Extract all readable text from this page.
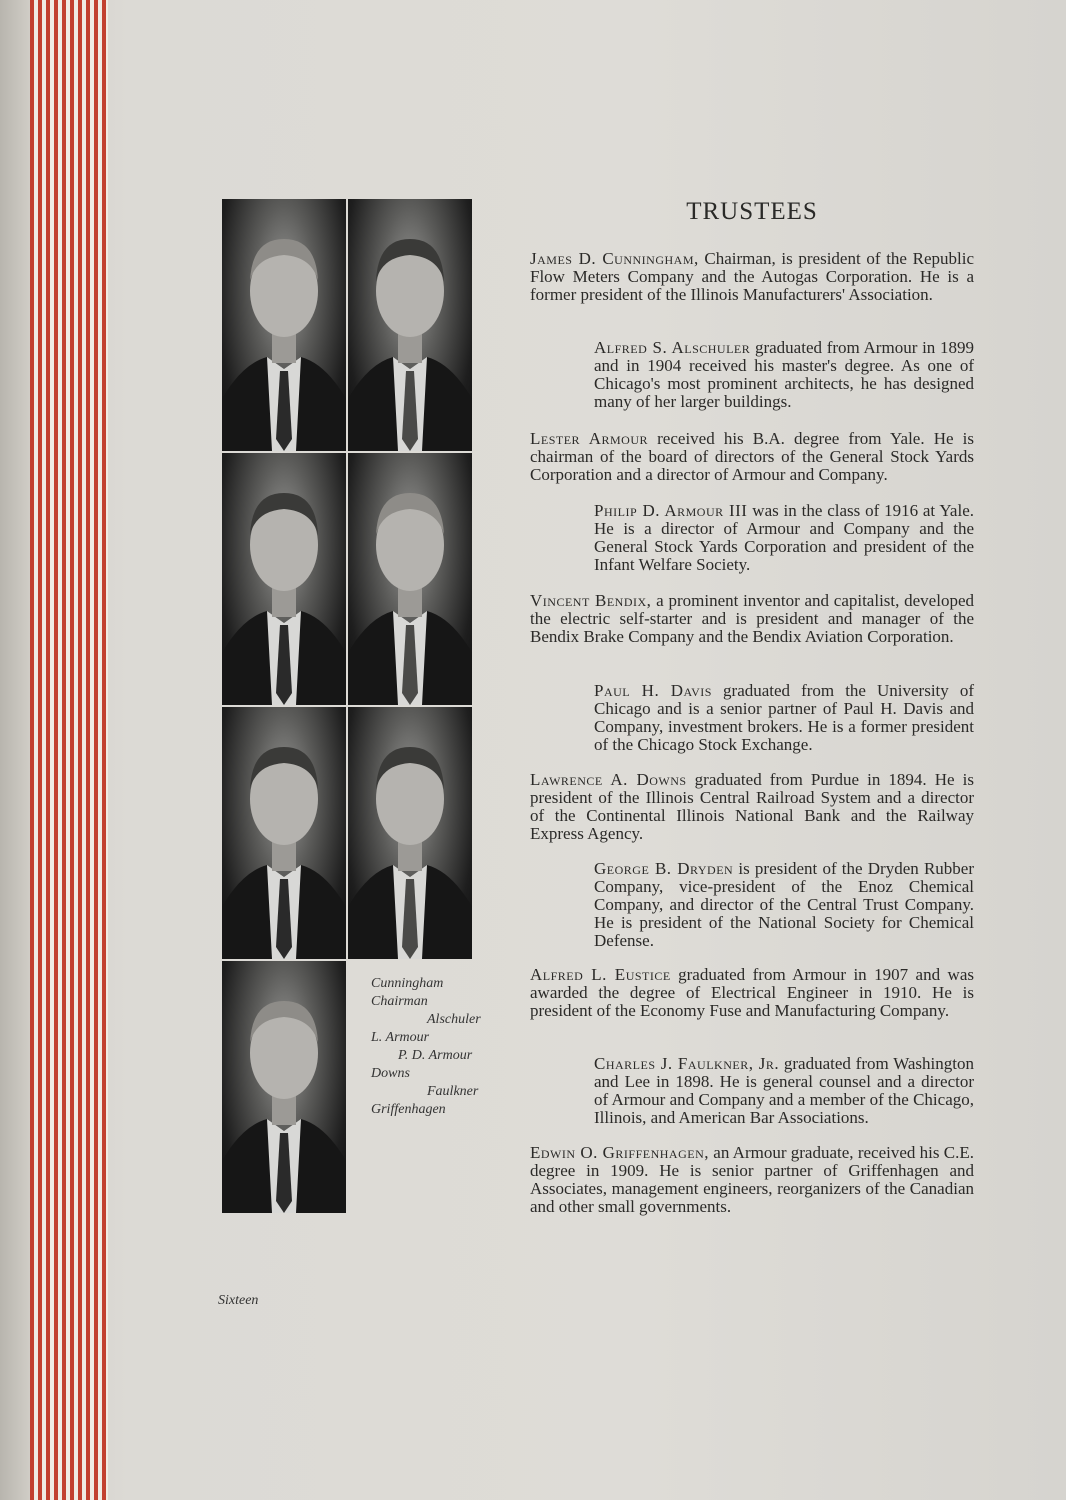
Cunningham
Chairman
Alschuler
L. Armour
P. D. Armour
Downs
Faulkner
Griffenhagen
TRUSTEES
James D. Cunningham, Chairman, is president of the Republic Flow Meters Company and the Autogas Corporation. He is a former president of the Illinois Manufacturers' Association.
Alfred S. Alschuler graduated from Armour in 1899 and in 1904 received his master's degree. As one of Chicago's most prominent architects, he has designed many of her larger buildings.
Lester Armour received his B.A. degree from Yale. He is chairman of the board of directors of the General Stock Yards Corporation and a director of Armour and Company.
Philip D. Armour III was in the class of 1916 at Yale. He is a director of Armour and Company and the General Stock Yards Corporation and president of the Infant Welfare Society.
Vincent Bendix, a prominent inventor and capitalist, developed the electric self-starter and is president and manager of the Bendix Brake Company and the Bendix Aviation Corporation.
Paul H. Davis graduated from the University of Chicago and is a senior partner of Paul H. Davis and Company, investment brokers. He is a former president of the Chicago Stock Exchange.
Lawrence A. Downs graduated from Purdue in 1894. He is president of the Illinois Central Railroad System and a director of the Continental Illinois National Bank and the Railway Express Agency.
George B. Dryden is president of the Dryden Rubber Company, vice-president of the Enoz Chemical Company, and director of the Central Trust Company. He is president of the National Society for Chemical Defense.
Alfred L. Eustice graduated from Armour in 1907 and was awarded the degree of Electrical Engineer in 1910. He is president of the Economy Fuse and Manufacturing Company.
Charles J. Faulkner, Jr. graduated from Washington and Lee in 1898. He is general counsel and a director of Armour and Company and a member of the Chicago, Illinois, and American Bar Associations.
Edwin O. Griffenhagen, an Armour graduate, received his C.E. degree in 1909. He is senior partner of Griffenhagen and Associates, management engineers, reorganizers of the Canadian and other small governments.
Sixteen
